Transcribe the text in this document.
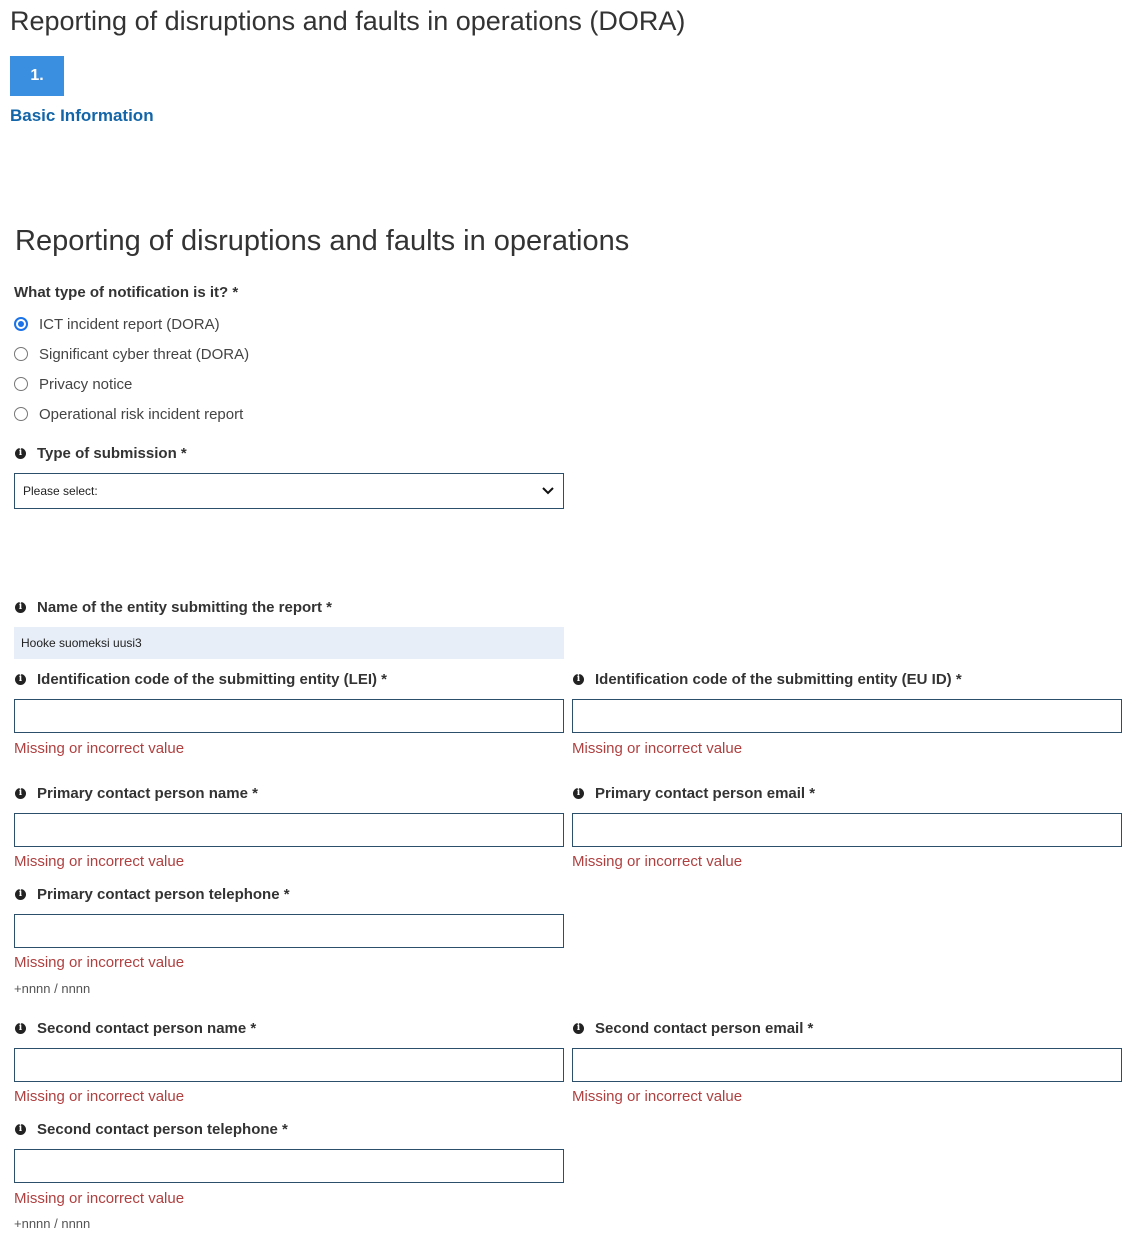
Reporting of disruptions and faults in operations (DORA)
1.
Basic Information
Reporting of disruptions and faults in operations
What type of notification is it? *
ICT incident report (DORA)
Significant cyber threat (DORA)
Privacy notice
Operational risk incident report
i Type of submission *
Please select:
i Name of the entity submitting the report *
Hooke suomeksi uusi3
i Identification code of the submitting entity (LEI) *
Missing or incorrect value
i Identification code of the submitting entity (EU ID) *
Missing or incorrect value
i Primary contact person name *
Missing or incorrect value
i Primary contact person email *
Missing or incorrect value
i Primary contact person telephone *
Missing or incorrect value
+nnnn / nnnn
i Second contact person name *
Missing or incorrect value
i Second contact person email *
Missing or incorrect value
i Second contact person telephone *
Missing or incorrect value
+nnnn / nnnn
